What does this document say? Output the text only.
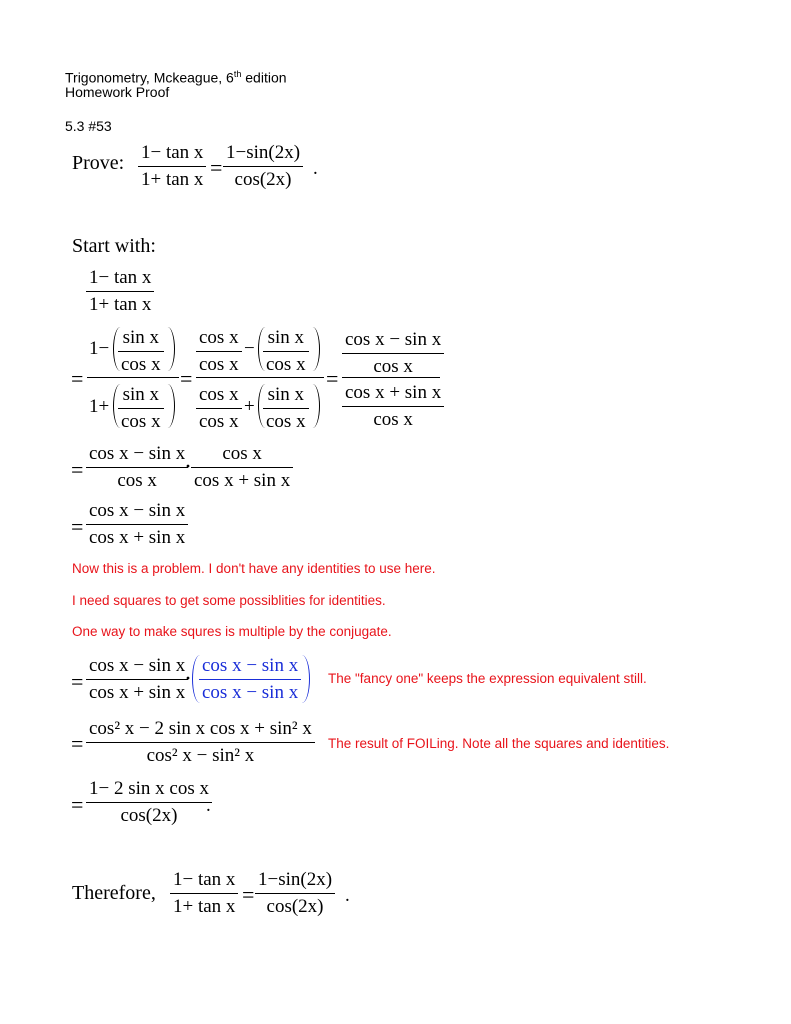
Trigonometry, Mckeague, 6th edition
Homework Proof
5.3 #53
Prove: 1− tan x
1+ tan x =
1−sin(2x)
cos(2x)
.
Start with:
1− tan x
1+ tan x
=
1−
sin x
cos x
1+
sin x
cos x
=
cos x
cos x
−
sin x
cos x
cos x
cos x
+
sin x
cos x
=
cos x − sin x
cos x
cos x + sin x
cos x
=
cos x − sin x
cos x
·
cos x
cos x + sin x
=
cos x − sin x
cos x + sin x
Now this is a problem. I don't have any identities to use here.
I need squares to get some possiblities for identities.
One way to make squres is multiple by the conjugate.
=
cos x − sin x
cos x + sin x
·
cos x − sin x
cos x − sin x
The "fancy one" keeps the expression equivalent still.
=
cos² x − 2 sin x cos x + sin² x
cos² x − sin² x
The result of FOILing. Note all the squares and identities.
=
1− 2 sin x cos x
cos(2x) .
Therefore,
1− tan x
1+ tan x =
1−sin(2x)
cos(2x)
.
